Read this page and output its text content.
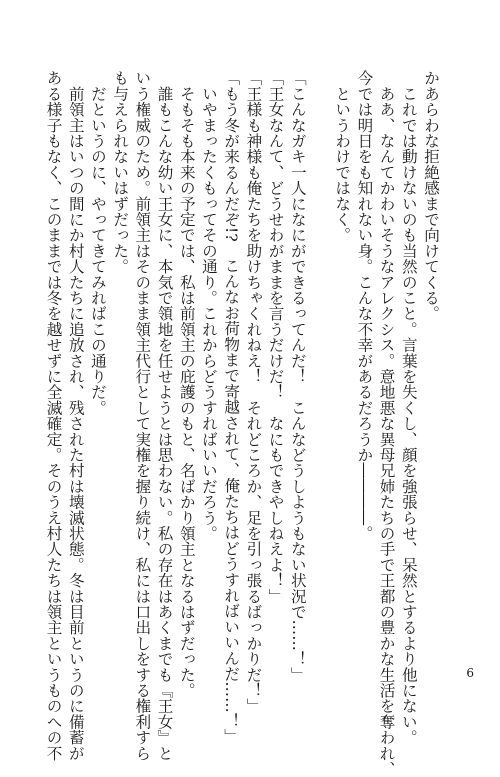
かあらわな拒絶感まで向けてくる。
　これでは動けないのも当然のこと。言葉を失くし、顔を強張らせ、呆然とするより他にない。
　ああ、なんてかわいそうなアレクシス。意地悪な異母兄姉たちの手で王都の豊かな生活を奪われ、
今では明日をも知れない身。こんな不幸があるだろうか――――。
　というわけではなく。

「こんなガキ一人になにができるってんだ！　こんなどうしようもない状況で……！」
「王女なんて、どうせわがままを言うだけだ！　なにもできやしねえよ！」
「王様も神様も俺たちを助けちゃくれねえ！　それどころか、足を引っ張るばっかりだ！」
「もう冬が来るんだぞ!?　こんなお荷物まで寄越されて、俺たちはどうすればいいんだ……！」
　いやまったくもってその通り。これからどうすればいいだろう。
　そもそも本来の予定では、私は前領主の庇護のもと、名ばかり領主となるはずだった。
　誰もこんな幼い王女に、本気で領地を任せようとは思わない。私の存在はあくまでも『王女』と
いう権威のため。前領主はそのまま領主代行として実権を握り続け、私には口出しをする権利すら
も与えられないはずだった。
　だというのに、やってきてみればこの通りだ。
　前領主はいつの間にか村人たちに追放され、残された村は壊滅状態。冬は目前というのに備蓄が
ある様子もなく、このままでは冬を越せずに全滅確定。そのうえ村人たちは領主というものへの不	6
